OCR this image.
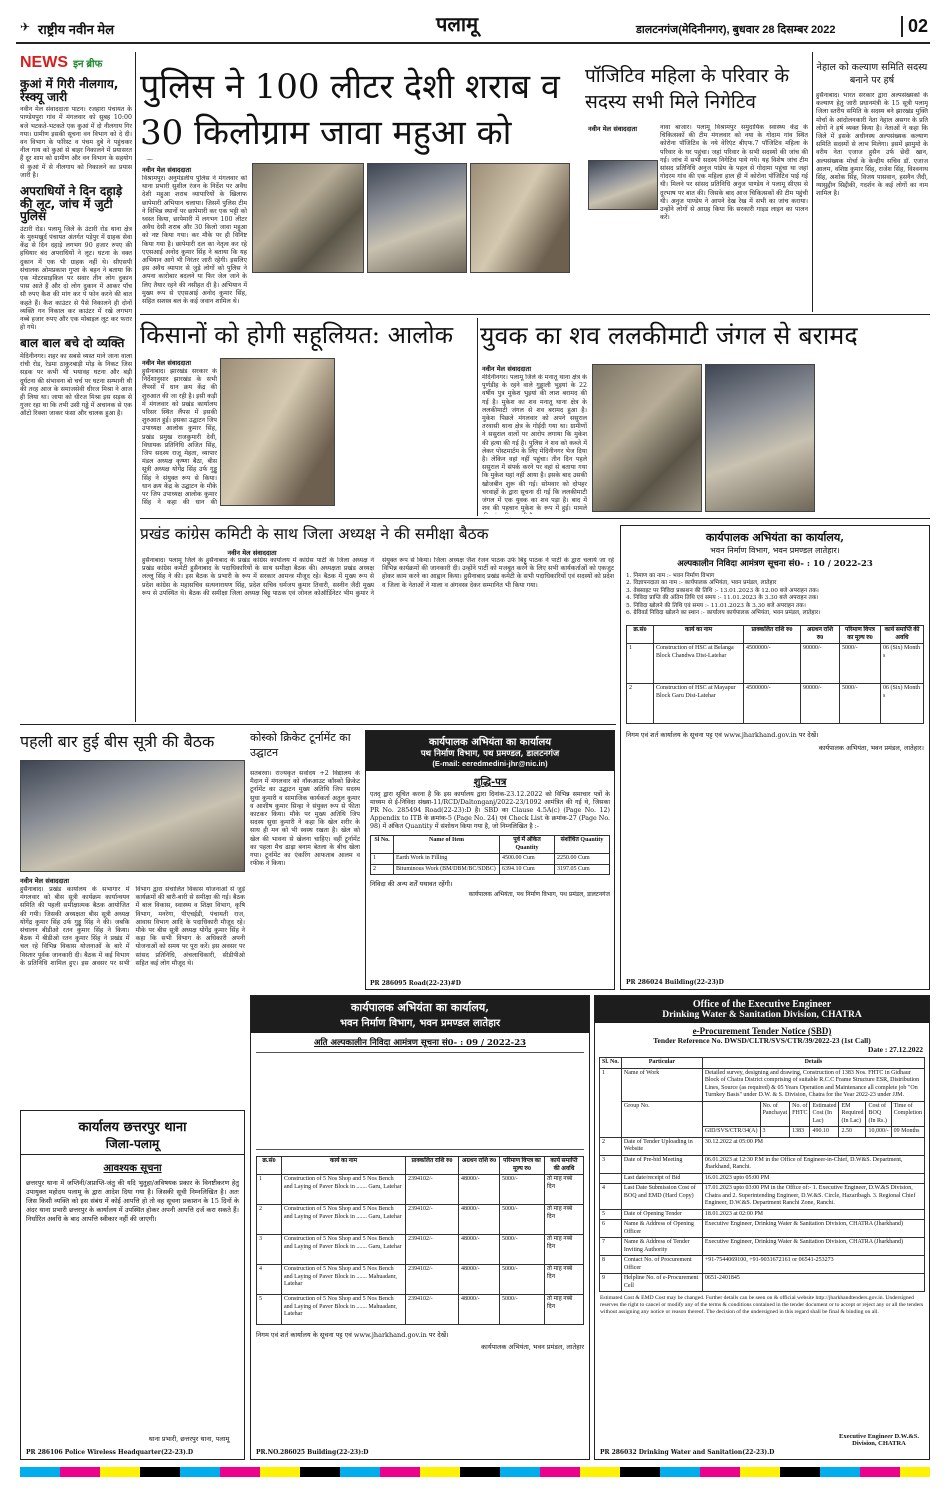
✈ राष्ट्रीय नवीन मेल	पलामू	डालटनगंज(मेदिनीनगर), बुधवार 28 दिसम्बर 2022	02
NEWS इन ब्रीफ
कुआं में गिरी नीलगाय, रेस्क्यू जारी
नवीन मेल संवाददाता पाटन। रजहारा पंचायत के पाण्डेयपुरा गांव में मंगलवार को सुबह 10:00 बजे भटकते-भटकते एक कुआं में दो नीलगाय गिर गया। ग्रामीण इसकी सूचना वन विभाग को दे दी। वन विभाग के फॉरेस्ट व पंचम दुबे ने पहुंचकर नील गाय को कुआं से बाहर निकालने में प्रयासरत हैं दूर शाम को ग्रामीण और वन विभाग के सहयोग से कुआं में से नीलगाय को निकालने का प्रयास जारी है।
अपराधियों ने दिन दहाड़े की लूट, जांच में जुटी पुलिस
उंटारी रोड। पलामू जिले के उंटारी रोड थाना क्षेत्र के मुरुमखुर्द पंचायत अंतर्गत पड़ेपुर में ग्राहक सेवा केंद्र से दिन दहाड़े लगभग 90 हजार रुपए की हथियार बंद अपराधियों ने लूट। घटना के वक्त दुकान में एक भी ग्राहक नहीं थे। सीएसपी संचालक ओमप्रकाश गुप्ता के बहन ने बताया कि एक मोटरसाइकिल पर सवार तीन लोग दुकान पास आते हैं और दो लोग दुकान में आकर पॉच सौ रुपए कैश की मांग कर पे फोन करने की बात कहते हैं। कैश काउंटर से पैसे निकालने ही दोनों व्यक्ति गन निकाल कर काउंटर में रखे लगभग नब्बे हजार रुपए और एक मोबाइल लूट कर फरार हो गये।
बाल बाल बचे दो व्यक्ति
मेदिनीनगर। शहर का सबसे व्यस्त माने जाना वाला रांची रोड, रेडमा ठाकुरबाड़ी मोड़ के निकट जिस सड़क पर कभी भी भयावह घटना और बड़ी दुर्घटना की संभावना बो चर्च पर घटना सम्भानी थी की तरह आज के समाजसेवी धीरज मिश्रा ने आज ही लिया था। जाया को धीरज मिश्रा इस सड़क से गुजर रहा था कि तभी उसी गड्ढे में अचानक से एक ऑटो रिक्शा जाकर फंसा और चालक हुआ है।
पुलिस ने 100 लीटर देशी शराब व 30 किलोग्राम जावा महुआ को
नवीन मेल संवाददाता
विश्रामपुर। अनुमंडलीय पुलिस ने मंगलवार को थाना प्रभारी सुशील रंजन के निर्देश पर अवैध देशी महुआ शराब व्यापारियों के खिलाफ छापेमारी अभियान चलाया। जिसमें पुलिस टीम ने विभिन्न स्थानों पर छापेमारी कर एक भट्टी को ध्वस्त किया, छापेमारी में लगभग 100 लीटर अवैध देसी शराब और 30 किलो जावा महुआ को नष्ट किया गया। कर मौके पर ही विनिष्ट किया गया है। छापेमारी दल का नेतृत्व कर रहे एएसआई अनोद कुमार सिंह ने बताया कि यह अभियान आगे भी निरंतर जारी रहेगी। इसलिए इस अवैध व्यापार से जुड़े लोगों को पुलिस ने अपना कारोबार बदलने या फिर जेल जाने के लिए तैयार रहने की नसीहत दी है। अभियान में मुख्य रूप से एएसआई अनोद कुमार सिंह, सहित सशस्त्र बल के कई जवान शामिल थे।
पॉजिटिव महिला के परिवार के सदस्य सभी मिले निगेटिव
नवीन मेल संवाददाता	नावा बाजार। पलामू विश्रामपुर समुदायिक स्वास्थ्य केंद्र के चिकित्सकों की टीम मंगलवार को नया के गोदाम गांव स्थित कोरोना पॉजिटिव के नये वेरिएंट बीएफ.7 पॉजिटिव महिला के परिवार के घर पहुंचा। जहां परिवार के सभी सदस्यों की जांच की गई। जांच में सभी सदस्य निगेटिव पाये गये। यह विशेष जांच टीम सांसद प्रतिनिधि अनुज पांडेय के पहल से गोदामा पहुंचा था जहां गोदरम गांव की एक महिला हाल ही में कोरोना पॉजिटिव पाई गई थी। मिलने पर सांसद प्रतिनिधि अनुज पाण्डेय ने पलामू सीएस से दूरभाष पर बात की। जिसके बाद आज चिकित्सकों की टीम पहुंची थी। अनुज पाण्डेय ने आपने देख रेख में सभी का जांच कराया। उन्होंने लोगों से आग्रह किया कि सरकारी गाइड लाइन का पालन करें।
नेहाल को कल्याण समिति सदस्य बनाने पर हर्ष
हुसैनाबाद। भारत सरकार द्वारा अल्पसंख्यकों के कल्याण हेतु जारी प्रधानमंत्री के 15 सूत्री पलामू जिला स्तरीय समिति के सदस्य बने झारखंड मुक्ति मोर्चा के आंदोलनकारी नेता नेहाल असगर के प्रति लोगों ने हर्ष व्यक्त किया है। नेताओं ने कहा कि जिले में इसके अधीनस्थ अल्पसंख्यक कल्याण समिति सदस्यों से लाभ मिलेगा। इसमें झामुमो के वरीय नेता एजाज हुसैन उर्फ छेदी खान, अल्पसंख्यक मोर्चा के केन्द्रीय सचिव डॉ. एजाज आलम, वशिष्ठ कुमार सिंह, राजेश सिंह, विश्वनाथ सिंह, अशोक सिंह, विजय पासवान, हसनैन जैदी, ग्यासुद्दीन सिद्दीकी, गदर्शन के कई लोगों का नाम शामिल है।
किसानों को होगी सहूलियत: आलोक
नवीन मेल संवाददाता
हुसैनाबाद। झारखंड सरकार के निर्देशानुसार झारखंड के सभी लैंपसों में धान क्रय केंद्र की शुरुआत की जा रही है। इसी कड़ी में मंगलवार को प्रखंड कार्यालय परिसर स्थित लैंपस में इसकी शुरुआत हुई। इसका उद्घाटन जिप उपाध्यक्ष आलोक कुमार सिंह, प्रखंड प्रमुख राजकुमारी देवी, विधायक प्रतिनिधि अजित सिंह, जिप सदस्य राजू मेहता, व्यापार मंडल अध्यक्ष कृष्णा बैठा, बीस सूत्री अध्यक्ष योगेंद्र सिंह उर्फ गुड्डू सिंह ने संयुक्त रूप से किया। धान क्रय केंद्र के उद्घाटन के मौके पर जिप उपाध्यक्ष आलोक कुमार सिंह ने कहा की धान की
युवक का शव ललकीमाटी जंगल से बरामद
नवीन मेल संवाददाता
मेदिनीनगर। पलामू जिले के मनातू थाना क्षेत्र के पूर्णडीह के रहने वाले गुड्डाली भुइयां के 22 वर्षीय पुत्र मुकेश भुइयां की लाश बरामद की गई है। मुकेश का शव मनातू थाना क्षेत्र के ललकीमाटी जंगल से शव बरामद हुआ है। मुकेश पिछले मंगलवार को अपने ससुराल तरवासी थाना क्षेत्र के गोईदी गया था। ग्रामीणों ने ससुराल वालों पर आरोप लगाया कि मुकेश की हत्या की गई है। पुलिस ने शव को कब्जे में लेकर पोस्टमार्टम के लिए मेदिनीनगर भेज दिया है। लेकिन वहां नहीं पहुंचा। तीन दिन पहले ससुराल में संपर्क करने पर वहां से बताया गया कि मुकेश यहां नहीं आया है। इसके बाद उसकी खोजबीन शुरू की गई। सोमवार को दोपहर चरवाहों के द्वारा सूचना दी गई कि ललकीमाटी जंगल में एक युवक का शव पड़ा है। बाद में शव की पहचान मुकेश के रूप में हुई। मामले
प्रखंड कांग्रेस कमिटी के साथ जिला अध्यक्ष ने की समीक्षा बैठक
नवीन मेल संवाददाता
हुसैनाबाद। पलामू जिले के हुसैनाबाद के प्रखंड कांग्रेस कार्यालय में कांग्रेस पार्टी के जिला अध्यक्ष ने प्रखंड कांग्रेस कमेटी हुसैनाबाद के पदाधिकारियों के साथ समीक्षा बैठक की। अध्यक्षता प्रखंड अध्यक्ष लल्लू सिंह ने की। इस बैठक के प्रभारी के रूप में सरकार आमन्त्र मौजूद रहे। बैठक में मुख्य रूप से प्रदेश कांग्रेस के महासचिव सत्यनारायण सिंह, प्रदेश सचिव धर्मजय कुमार तिवारी, सस्नीन जैदी मुख्य रूप से उपस्थित थे। बैठक की समीक्षा जिला अध्यक्ष बिट्टू पाठक एवं जोनल कोऑर्डिनेटर भीम कुमार ने संयुक्त रूप से किया। जिला अध्यक्ष जैश रंजन पाठक उर्फ बिट्टू पाठक ने पार्टी के द्वारा चलाये जा रहे विभिन्न कार्यक्रमों की जानकारी दी। उन्होंने पार्टी को मजबूत करने के लिए सभी कार्यकर्ताओं को एकजुट होकर काम करने का आह्वान किया। हुसैनाबाद प्रखंड कमेटी के सभी पदाधिकारियों एवं सदस्यों को प्रदेश व जिला के नेताओं ने माला व अंगवस्त्र देकर सम्मानित भी किया गया।
कार्यपालक अभियंता का कार्यालय,
भवन निर्माण विभाग, भवन प्रमण्डल लातेहार।
अल्पकालीन निविदा आमंत्रण सूचना सं0- : 10 / 2022-23
1. निमाण का नाम :- भवन निर्माण विभाग
2. विज्ञापनदाता का नाम :- कार्यपालक अभियंता, भवन प्रमंडल, लातेहार
3. वेबसाइट पर निविदा प्रकाशन की तिथि :- 13.01.2023 के 12.00 बजे अपराहन तक।
4. निविदा प्राप्ति की अंतिम तिथि एवं समय :- 11.01.2023 के 3.30 बजे अपराहन तक।
5. निविदा खोलने की तिथि एवं समय :- 11.01.2023 के 3.30 बजे अपराहन तक।
6. ग्रेविवर्ड निविदा खोलने का स्थान :- कार्यालय कार्यपालक अभियंता, भवन प्रमंडल, लातेहार।
क्र.सं0	कार्य का नाम	प्राक्कलित राशि रु0	अग्रधन राशि रु0	परिमाण विपत्र का मूल्य रु0	कार्य समाप्ति की अवधि
1	Construction of HSC at Belanga Block Chandwa Dist-Latehar	4500000/-	90000/-	5000/-	06 (Six) Month s
2	Construction of HSC at Mayapur Block Garu Dist-Latehar	4500000/-	90000/-	5000/-	06 (Six) Month s
निगम एवं शर्त कार्यालय के सूचना पट्ट एवं www.jharkhand.gov.in पर देखें।
कार्यपालक अभियंता, भवन प्रमंडल, लातेहार।
PR 286024 Building(22-23)D
पहली बार हुई बीस सूत्री की बैठक
नवीन मेल संवाददाता
हुसैनाबाद। प्रखंड कार्यालय के सभागार में मंगलवार को बीस सूत्री कार्यक्रम कार्यान्वयन समिति की पहली समीक्षात्मक बैठक आयोजित की गयी। जिसकी अध्यक्षता बीस सूत्री अध्यक्ष योगेंद्र कुमार सिंह उर्फ गुड्डू सिंह ने की। जबकि संचालन बीडीओ रतन कुमार सिंह ने किया। बैठक में बीडीओ रतन कुमार सिंह ने प्रखंड में चल रहे विभिन्न विकास योजनाओं के बारे में विस्तार पूर्वक जानकारी दी। बैठक में कई विभाग के प्रतिनिधि शामिल हुए। इस अवसर पर सभी विभाग द्वारा संचालित विकास योजनाओं से जुड़े कार्यक्रमों की बारी-बारी से समीक्षा की गई। बैठक में बाल विकास, स्वास्थ्य व शिक्षा विभाग, कृषि विभाग, मनरेगा, पीएचईडी, पंचायती राज, आवास विभाग आदि के पदाधिकारी मौजूद रहे। मौके पर बीस सूत्री अध्यक्ष योगेंद्र कुमार सिंह ने कहा कि सभी विभाग के अधिकारी अपनी योजनाओं को समय पर पूरा करें। इस अवसर पर सांसद प्रतिनिधि, अंचलाधिकारी, सीडीपीओ सहित कई लोग मौजूद थे।
कोस्को क्रिकेट टूर्नामेंट का उद्घाटन
सतबरवा। राज्यकृत सर्वोदय +2 विद्यालय के मैदान में मंगलवार को नॉकआउट कॉस्को क्रिकेट टूर्नामेंट का उद्घाटन मुख्य अतिथि जिप सदस्य सुधा कुमारी व सामाजिक कार्यकर्ता अतुल कुमार व आशीष कुमार सिन्हा ने संयुक्त रूप से फीता काटकर किया। मौके पर मुख्य अतिथि जिप सदस्य सुधा कुमारी ने कहा कि खेल शरीर के साथ ही मन को भी स्वस्थ रखता है। खेल को खेल की भावना से खेलना चाहिए। वहीं टूर्नामेंट का पहला मैच ढाढ़ा बनाम बेतला के बीच खेला गया। टूर्नामेंट का एंकरिंग आफताब आलम व रफीक ने किया।
कार्यपालक अभियंता का कार्यालय
पथ निर्माण विभाग, पथ प्रमण्डल, डालटनगंज
(E-mail: eeredmedini-jhr@nic.in)
शुद्धि-पत्र
एतद् द्वारा सूचित करना है कि इस कार्यालय द्वारा दिनांक-23.12.2022 को विभिन्न समाचार पत्रों के माध्यम से ई-निविदा संख्या-11/RCD/Daltonganj/2022-23/1092 आमंत्रित की गई थे, जिसका PR No. 285494 Road(22-23):D है। SBD का Clause 4.5A(c) (Page No. 12) Appendix to ITB के क्रमांक-5 (Page No. 24) एवं Check List के क्रमांक-27 (Page No. 98) में अंकित Quantity में संशोधन किया गया है, जो निम्नलिखित है :-
Sl No.	Name of Item	पूर्व में अंकित Quantity	संशोधित Quantity
1	Earth Work in Filling	4500.00 Cum	2250.00 Cum
2	Bituminous Work (BM/DBM/BC/SDBC)	6394.10 Cum	3197.05 Cum
निविदा की अन्य शर्तें यथावत रहेंगी।
कार्यपालक अभियंता, पथ निर्माण विभाग, पथ प्रमंडल, डालटनगंज
PR 286095 Road(22-23)#D
कार्यपालक अभियंता का कार्यालय,
भवन निर्माण विभाग, भवन प्रमण्डल लातेहार
अति अल्पकालीन निविदा आमंत्रण सूचना सं0- : 09 / 2022-23
क्र.सं0	कार्य का नाम	प्राक्कलित राशि रु0	अग्रधन राशि रु0	परिमाण विपत्र का मूल्य रु0	कार्य समाप्ति की अवधि
1	Construction of 5 Nos Shop and 5 Nos Bench and Laying of Paver Block in ....... Garu, Latehar	2394102/-	48000/-	5000/-	तो माह नब्बे दिन
2	Construction of 5 Nos Shop and 5 Nos Bench and Laying of Paver Block in ....... Garu, Latehar	2394102/-	48000/-	5000/-	तो माह नब्बे दिन
3	Construction of 5 Nos Shop and 5 Nos Bench and Laying of Paver Block in ....... Garu, Latehar	2394102/-	48000/-	5000/-	तो माह नब्बे दिन
4	Construction of 5 Nos Shop and 5 Nos Bench and Laying of Paver Block in ....... Mahuadanr, Latehar	2394102/-	48000/-	5000/-	तो माह नब्बे दिन
5	Construction of 5 Nos Shop and 5 Nos Bench and Laying of Paver Block in ....... Mahuadanr, Latehar	2394102/-	48000/-	5000/-	तो माह नब्बे दिन
निगम एवं शर्त कार्यालय के सूचना पट्ट एवं www.jharkhand.gov.in पर देखें।
कार्यपालक अभियंता, भवन प्रमंडल, लातेहार
PR.NO.286025 Building(22-23):D
कार्यालय छत्तरपुर थाना
जिला-पलामू
आवश्यक सूचना
छत्तरपुर थाना में जप्तिनी/अप्राप्ति-जंतु की यदि भुतुहा/अविषयक प्रकार के विनष्टीकरण हेतु उपायुक्त महोदय पलामू के द्वारा आदेश दिया गया है। जिसकी सूची निम्नलिखित है। अतः जिस किसी व्यक्ति को इस संबंध में कोई आपत्ति हो तो वह सूचना प्रकाशन के 15 दिनों के अंदर थाना प्रभारी छत्तरपुर के कार्यालय में उपस्थित होकर अपनी आपत्ति दर्ज करा सकते हैं। निर्धारित अवधि के बाद आपत्ति स्वीकार नहीं की जाएगी।
थाना प्रभारी, छत्तरपुर थाना, पलामू
PR 286106 Police Wireless Headquarter(22-23).D
Office of the Executive Engineer
Drinking Water & Sanitation Division, CHATRA
e-Procurement Tender Notice (SBD)
Tender Reference No. DWSD/CLTR/SVS/CTR/39/2022-23 (1st Call)
Date : 27.12.2022
Sl. No.	Particular	Details						
1	Name of Work	Detailed survey, designing and drawing, Construction of 1383 Nos. FHTC in Gidhaur Block of Chatra District comprising of suitable R.C.C Frame Structure ESR, Distribution Lines, Source (as required) & 05 Years Operation and Maintenance all complete job "On Turnkey Basis" under D.W. & S. Division, Chatra for the Year 2022-23 under JJM.						
	Group No.		No. of Panchayat	No. of FHTC	Estimated Cost (In Lac)	EM Required (In Lac)	Cost of BOQ (In Rs.)	Time of Completion
		GID/SVS/CTR/34(A)	3	1383	490.10	2.50	10,000/-	09 Months
2	Date of Tender Uploading in Website	30.12.2022 at 05:00 PM						
3	Date of Pre-bid Meeting	06.01.2023 at 12:30 P.M in the Office of Engineer-in-Chief, D.W&S. Department, Jharkhand, Ranchi.						
	Last date/receipt of Bid	16.01.2023 upto 05:00 PM						
4	Last Date Submission Cost of BOQ and EMD (Hard Copy)	17.01.2023 upto 03:00 PM in the Office of:- 1. Executive Engineer, D.W.&S Division, Chatra and 2. Superintending Engineer, D.W.&S. Circle, Hazaribagh. 3. Regional Chief Engineer, D.W.&S. Department Ranchi Zone, Ranchi.						
5	Date of Opening Tender	18.01.2023 at 02:00 PM						
6	Name & Address of Opening Officer	Executive Engineer, Drinking Water & Sanitation Division, CHATRA (Jharkhand)						
7	Name & Address of Tender Inviting Authority	Executive Engineer, Drinking Water & Sanitation Division, CHATRA (Jharkhand)						
8	Contact No. of Procurement Officer	+91-7544069100, +91-9031672161 or 06541-253273						
9	Helpline No. of e-Procurement Cell	0651-2401845						
Estimated Cost & EMD Cost may be changed. Further details can be seen on & official website http://jharkhandtenders.gov.in. Undersigned reserves the right to cancel or modify any of the terms & conditions contained in the tender document or to accept or reject any or all the tenders without assigning any notice or reason thereof. The decision of the undersigned in this regard shall be final & binding on all.
Executive Engineer D.W.&S. Division, CHATRA
PR 286032 Drinking Water and Sanitation(22-23).D
